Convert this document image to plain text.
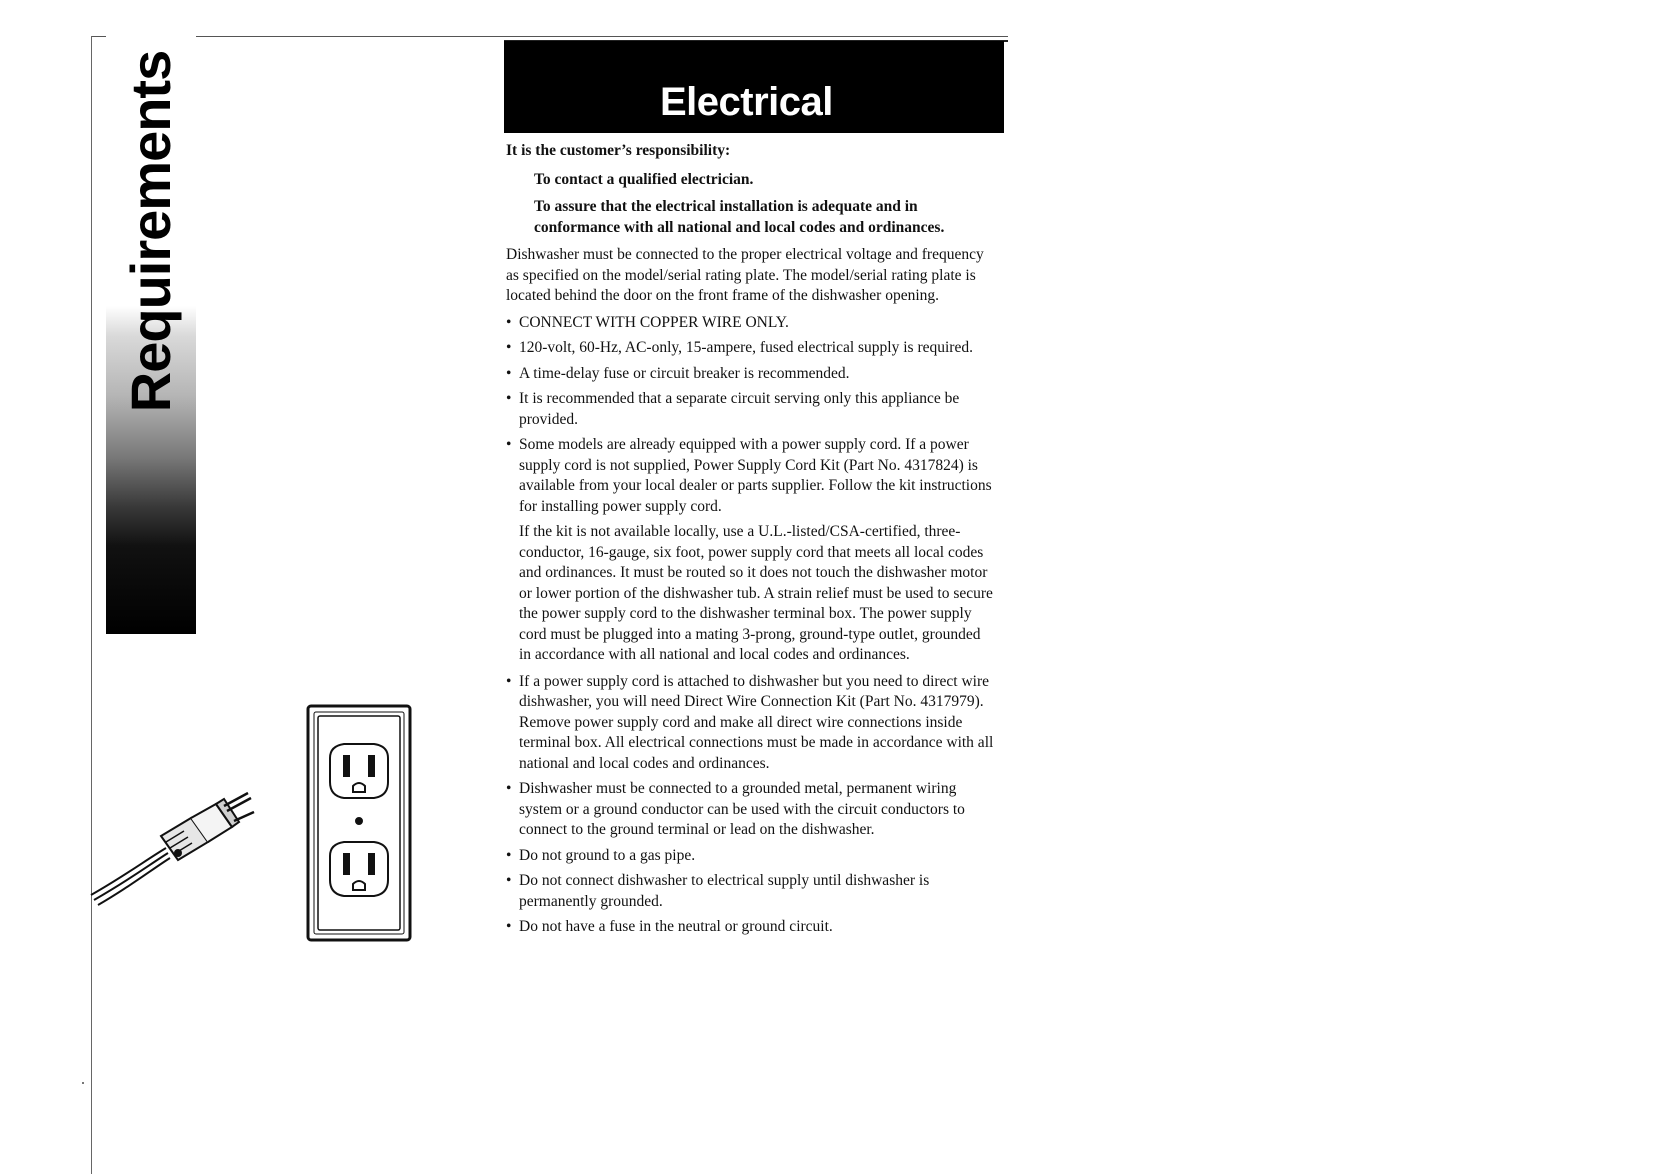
Requirements	Electrical

It is the customer’s responsibility:

To contact a qualified electrician.

To assure that the electrical installation is adequate and in conformance with all national and local codes and ordinances.

Dishwasher must be connected to the proper electrical voltage and frequency as specified on the model/serial rating plate. The model/serial rating plate is located behind the door on the front frame of the dishwasher opening.

• CONNECT WITH COPPER WIRE ONLY.

• 120-volt, 60-Hz, AC-only, 15-ampere, fused electrical supply is required.

• A time-delay fuse or circuit breaker is recommended.

• It is recommended that a separate circuit serving only this appliance be provided.

• Some models are already equipped with a power supply cord. If a power supply cord is not supplied, Power Supply Cord Kit (Part No. 4317824) is available from your local dealer or parts supplier. Follow the kit instructions for installing power supply cord.

If the kit is not available locally, use a U.L.-listed/CSA-certified, three-conductor, 16-gauge, six foot, power supply cord that meets all local codes and ordinances. It must be routed so it does not touch the dishwasher motor or lower portion of the dishwasher tub. A strain relief must be used to secure the power supply cord to the dishwasher terminal box. The power supply cord must be plugged into a mating 3-prong, ground-type outlet, grounded in accordance with all national and local codes and ordinances.

• If a power supply cord is attached to dishwasher but you need to direct wire dishwasher, you will need Direct Wire Connection Kit (Part No. 4317979). Remove power supply cord and make all direct wire connections inside terminal box. All electrical connections must be made in accordance with all national and local codes and ordinances.

• Dishwasher must be connected to a grounded metal, permanent wiring system or a ground conductor can be used with the circuit conductors to connect to the ground terminal or lead on the dishwasher.

• Do not ground to a gas pipe.

• Do not connect dishwasher to electrical supply until dishwasher is permanently grounded.

• Do not have a fuse in the neutral or ground circuit.
